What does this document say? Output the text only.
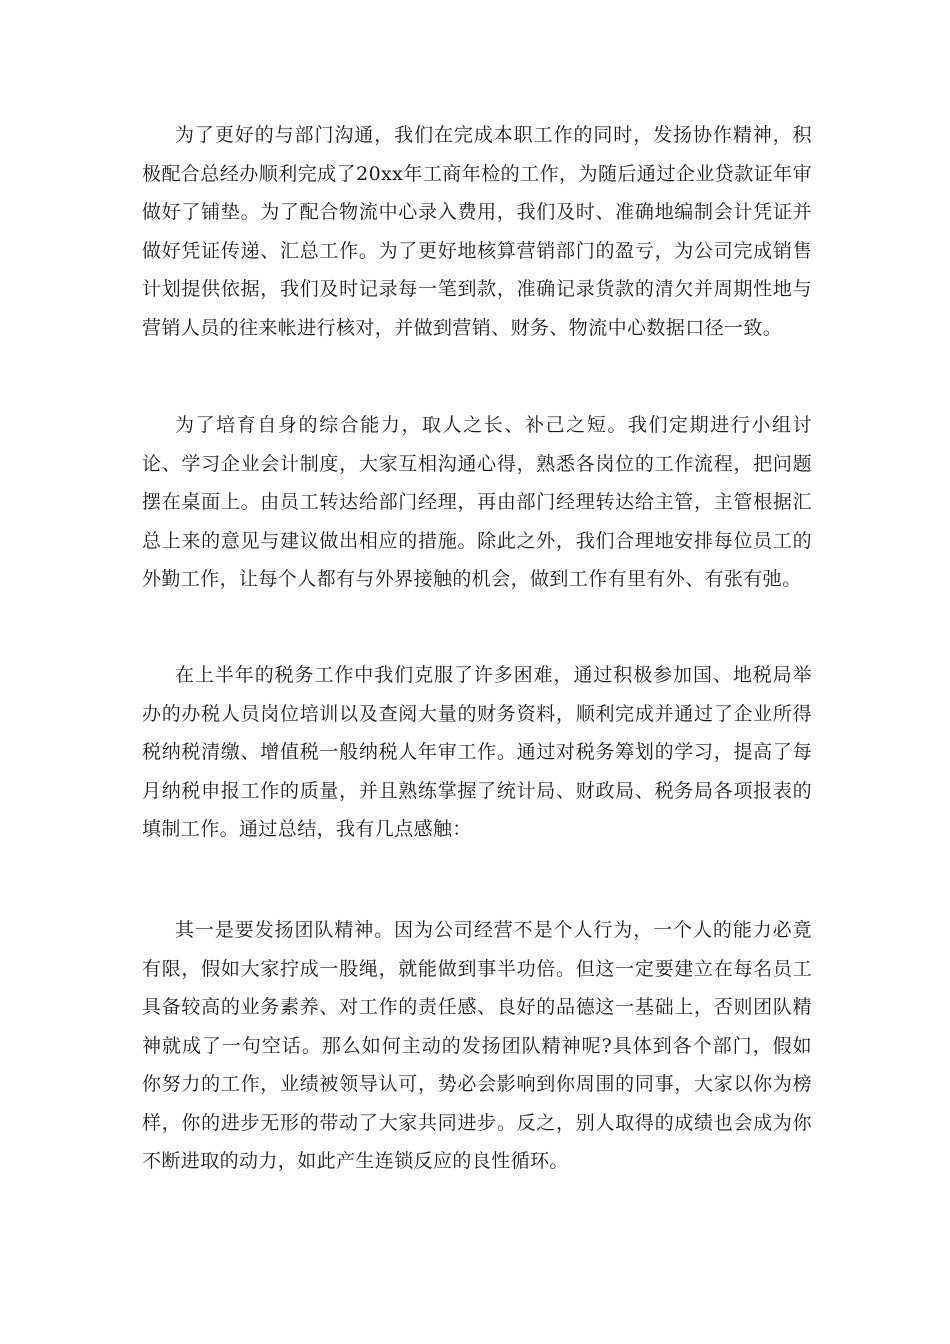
为了更好的与部门沟通，我们在完成本职工作的同时，发扬协作精神，积极配合总经办顺利完成了20xx年工商年检的工作，为随后通过企业贷款证年审做好了铺垫。为了配合物流中心录入费用，我们及时、准确地编制会计凭证并做好凭证传递、汇总工作。为了更好地核算营销部门的盈亏，为公司完成销售计划提供依据，我们及时记录每一笔到款，准确记录货款的清欠并周期性地与营销人员的往来帐进行核对，并做到营销、财务、物流中心数据口径一致。

为了培育自身的综合能力，取人之长、补己之短。我们定期进行小组讨论、学习企业会计制度，大家互相沟通心得，熟悉各岗位的工作流程，把问题摆在桌面上。由员工转达给部门经理，再由部门经理转达给主管，主管根据汇总上来的意见与建议做出相应的措施。除此之外，我们合理地安排每位员工的外勤工作，让每个人都有与外界接触的机会，做到工作有里有外、有张有弛。

在上半年的税务工作中我们克服了许多困难，通过积极参加国、地税局举办的办税人员岗位培训以及查阅大量的财务资料，顺利完成并通过了企业所得税纳税清缴、增值税一般纳税人年审工作。通过对税务筹划的学习，提高了每月纳税申报工作的质量，并且熟练掌握了统计局、财政局、税务局各项报表的填制工作。通过总结，我有几点感触：

其一是要发扬团队精神。因为公司经营不是个人行为，一个人的能力必竟有限，假如大家拧成一股绳，就能做到事半功倍。但这一定要建立在每名员工具备较高的业务素养、对工作的责任感、良好的品德这一基础上，否则团队精神就成了一句空话。那么如何主动的发扬团队精神呢?具体到各个部门，假如你努力的工作，业绩被领导认可，势必会影响到你周围的同事，大家以你为榜样，你的进步无形的带动了大家共同进步。反之，别人取得的成绩也会成为你不断进取的动力，如此产生连锁反应的良性循环。
